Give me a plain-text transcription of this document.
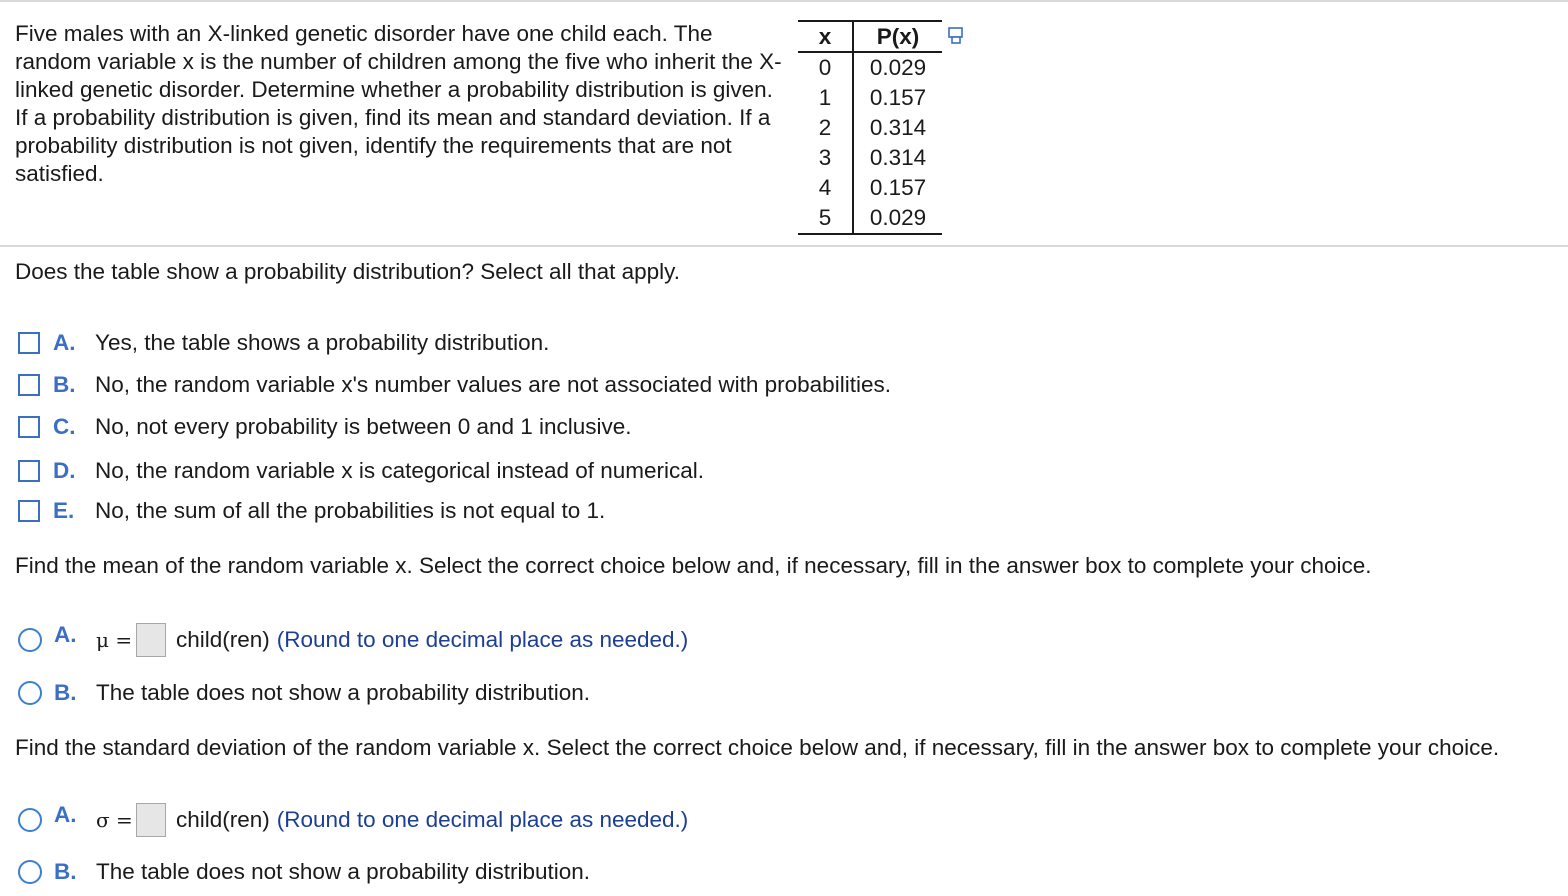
Five males with an X-linked genetic disorder have one child each. The random variable x is the number of children among the five who inherit the X-linked genetic disorder. Determine whether a probability distribution is given. If a probability distribution is given, find its mean and standard deviation. If a probability distribution is not given, identify the requirements that are not satisfied.
x	P(x)
0	0.029
1	0.157
2	0.314
3	0.314
4	0.157
5	0.029
Does the table show a probability distribution? Select all that apply.
A. Yes, the table shows a probability distribution.
B. No, the random variable x's number values are not associated with probabilities.
C. No, not every probability is between 0 and 1 inclusive.
D. No, the random variable x is categorical instead of numerical.
E. No, the sum of all the probabilities is not equal to 1.
Find the mean of the random variable x. Select the correct choice below and, if necessary, fill in the answer box to complete your choice.
A. μ = child(ren) (Round to one decimal place as needed.)
B. The table does not show a probability distribution.
Find the standard deviation of the random variable x. Select the correct choice below and, if necessary, fill in the answer box to complete your choice.
A. σ = child(ren) (Round to one decimal place as needed.)
B. The table does not show a probability distribution.
